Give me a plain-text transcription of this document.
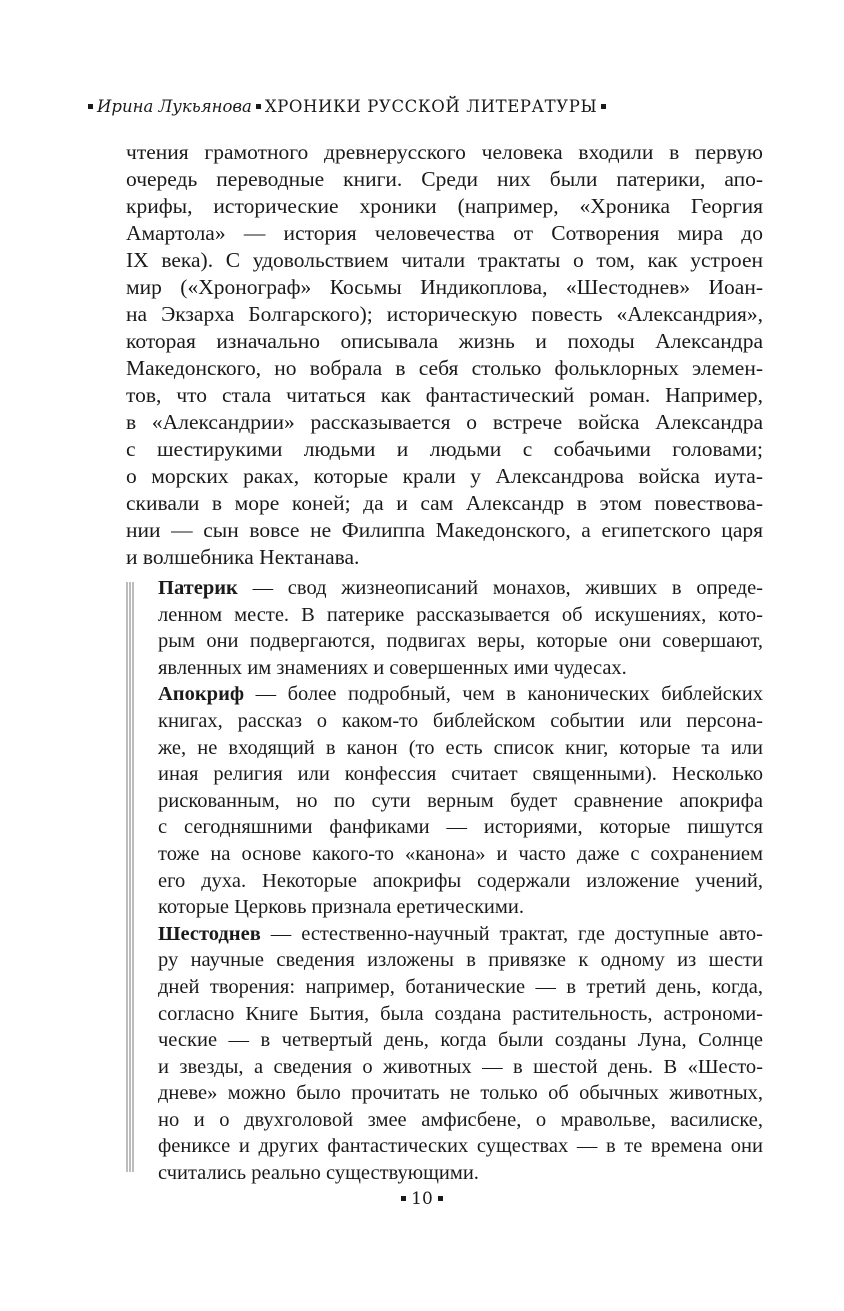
Ирина Лукьянова ХРОНИКИ РУССКОЙ ЛИТЕРАТУРЫ
чтения грамотного древнерусского человека входили в первую
очередь переводные книги. Среди них были патерики, апо-
крифы, исторические хроники (например, «Хроника Георгия
Амартола» — история человечества от Сотворения мира до
IX века). С удовольствием читали трактаты о том, как устроен
мир («Хронограф» Косьмы Индикоплова, «Шестоднев» Иоан-
на Экзарха Болгарского); историческую повесть «Александрия»,
которая изначально описывала жизнь и походы Александра
Македонского, но вобрала в себя столько фольклорных элемен-
тов, что стала читаться как фантастический роман. Например,
в «Александрии» рассказывается о встрече войска Александра
с шестирукими людьми и людьми с собачьими головами;
о морских раках, которые крали у Александрова войска иута-
скивали в море коней; да и сам Александр в этом повествова-
нии — сын вовсе не Филиппа Македонского, а египетского царя
и волшебника Нектанава.
Патерик — свод жизнеописаний монахов, живших в опреде-
ленном месте. В патерике рассказывается об искушениях, кото-
рым они подвергаются, подвигах веры, которые они совершают,
явленных им знамениях и совершенных ими чудесах.
Апокриф — более подробный, чем в канонических библейских
книгах, рассказ о каком-то библейском событии или персона-
же, не входящий в канон (то есть список книг, которые та или
иная религия или конфессия считает священными). Несколько
рискованным, но по сути верным будет сравнение апокрифа
с сегодняшними фанфиками — историями, которые пишутся
тоже на основе какого-то «канона» и часто даже с сохранением
его духа. Некоторые апокрифы содержали изложение учений,
которые Церковь признала еретическими.
Шестоднев — естественно-научный трактат, где доступные авто-
ру научные сведения изложены в привязке к одному из шести
дней творения: например, ботанические — в третий день, когда,
согласно Книге Бытия, была создана растительность, астрономи-
ческие — в четвертый день, когда были созданы Луна, Солнце
и звезды, а сведения о животных — в шестой день. В «Шесто-
дневе» можно было прочитать не только об обычных животных,
но и о двухголовой змее амфисбене, о мравольве, василиске,
фениксе и других фантастических существах — в те времена они
считались реально существующими.
10
